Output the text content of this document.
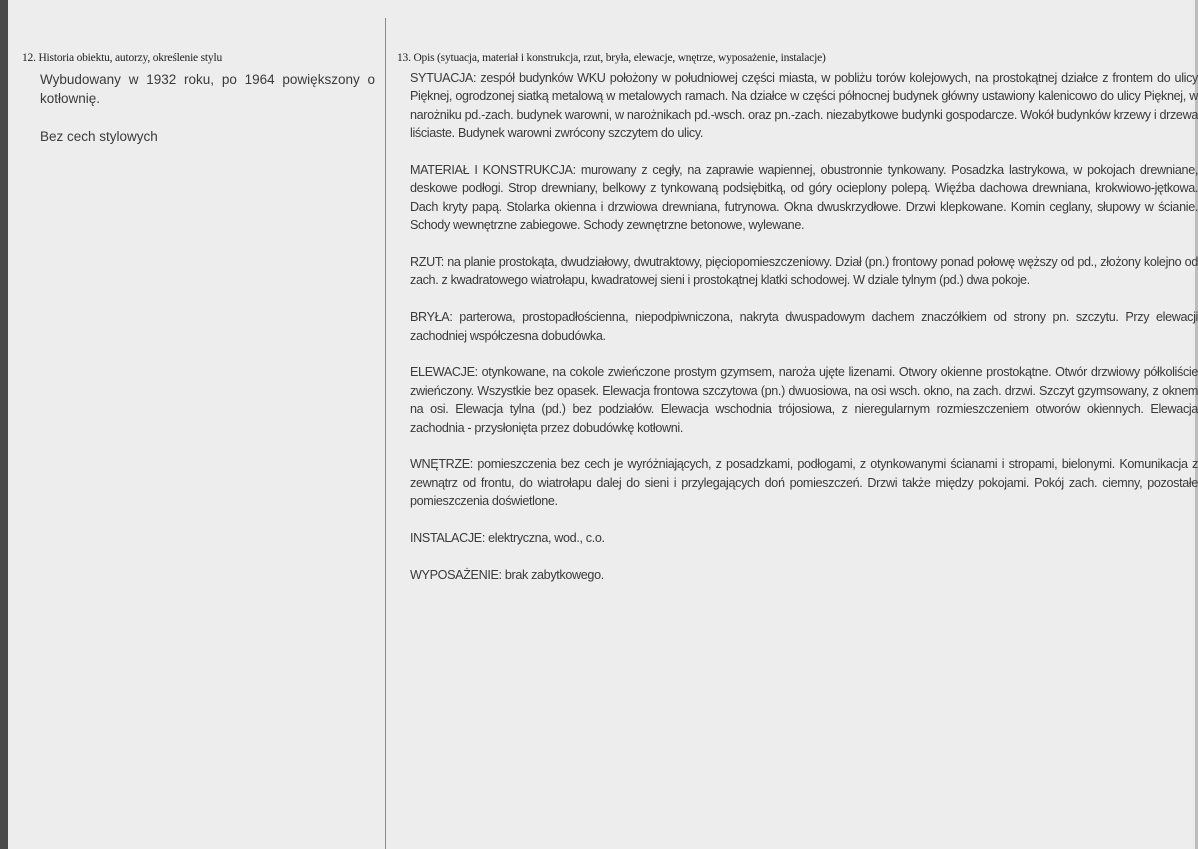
12. Historia obiektu, autorzy, określenie stylu

Wybudowany w 1932 roku, po 1964 powiększony o kotłownię.

Bez cech stylowych

13. Opis (sytuacja, materiał i konstrukcja, rzut, bryła, elewacje, wnętrze, wyposażenie, instalacje)

SYTUACJA: zespół budynków WKU położony w południowej części miasta, w pobliżu torów kolejowych, na prostokątnej działce z frontem do ulicy Pięknej, ogrodzonej siatką metalową w metalowych ramach. Na działce w części północnej budynek główny ustawiony kalenicowo do ulicy Pięknej, w narożniku pd.-zach. budynek warowni, w narożnikach pd.-wsch. oraz pn.-zach. niezabytkowe budynki gospodarcze. Wokół budynków krzewy i drzewa liściaste. Budynek warowni zwrócony szczytem do ulicy.

MATERIAŁ I KONSTRUKCJA: murowany z cegły, na zaprawie wapiennej, obustronnie tynkowany. Posadzka lastrykowa, w pokojach drewniane, deskowe podłogi. Strop drewniany, belkowy z tynkowaną podsiębitką, od góry ocieplony polepą. Więźba dachowa drewniana, krokwiowo-jętkowa. Dach kryty papą. Stolarka okienna i drzwiowa drewniana, futrynowa. Okna dwuskrzydłowe. Drzwi klepkowane. Komin ceglany, słupowy w ścianie. Schody wewnętrzne zabiegowe. Schody zewnętrzne betonowe, wylewane.

RZUT: na planie prostokąta, dwudziałowy, dwutraktowy, pięciopomieszczeniowy. Dział (pn.) frontowy ponad połowę węższy od pd., złożony kolejno od zach. z kwadratowego wiatrołapu, kwadratowej sieni i prostokątnej klatki schodowej. W dziale tylnym (pd.) dwa pokoje.

BRYŁA: parterowa, prostopadłościenna, niepodpiwniczona, nakryta dwuspadowym dachem znaczółkiem od strony pn. szczytu. Przy elewacji zachodniej współczesna dobudówka.

ELEWACJE: otynkowane, na cokole zwieńczone prostym gzymsem, naroża ujęte lizenami. Otwory okienne prostokątne. Otwór drzwiowy półkoliście zwieńczony. Wszystkie bez opasek. Elewacja frontowa szczytowa (pn.) dwuosiowa, na osi wsch. okno, na zach. drzwi. Szczyt gzymsowany, z oknem na osi. Elewacja tylna (pd.) bez podziałów. Elewacja wschodnia trójosiowa, z nieregularnym rozmieszczeniem otworów okiennych. Elewacja zachodnia - przysłonięta przez dobudówkę kotłowni.

WNĘTRZE: pomieszczenia bez cech je wyróżniających, z posadzkami, podłogami, z otynkowanymi ścianami i stropami, bielonymi. Komunikacja z zewnątrz od frontu, do wiatrołapu dalej do sieni i przylegających doń pomieszczeń. Drzwi także między pokojami. Pokój zach. ciemny, pozostałe pomieszczenia doświetlone.

INSTALACJE: elektryczna, wod., c.o.

WYPOSAŻENIE: brak zabytkowego.
